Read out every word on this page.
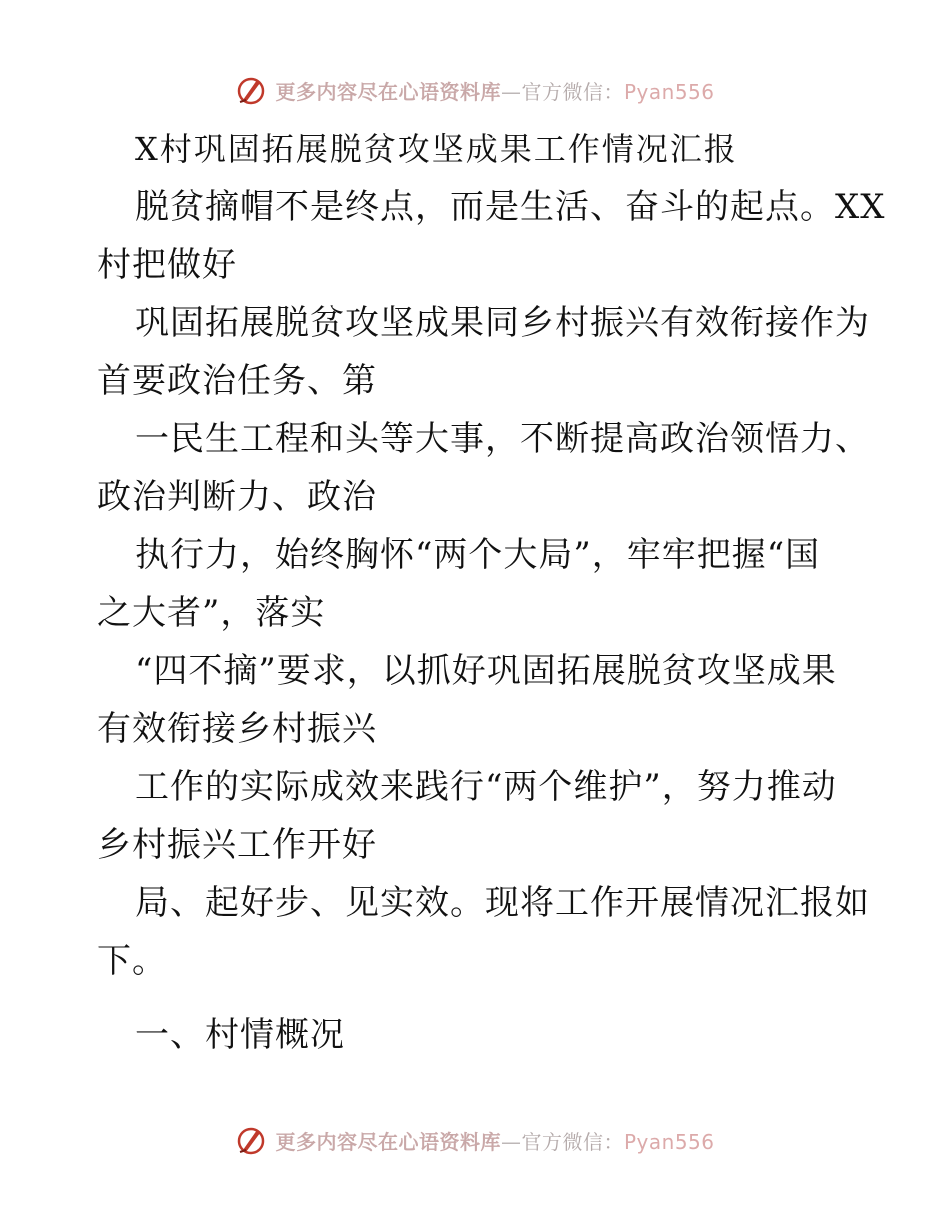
更多内容尽在心语资料库—官方微信：Pyan556
X村巩固拓展脱贫攻坚成果工作情况汇报
脱贫摘帽不是终点，而是生活、奋斗的起点。XX
村把做好
巩固拓展脱贫攻坚成果同乡村振兴有效衔接作为
首要政治任务、第
一民生工程和头等大事，不断提高政治领悟力、
政治判断力、政治
执行力，始终胸怀“两个大局”，牢牢把握“国
之大者”，落实
“四不摘”要求，以抓好巩固拓展脱贫攻坚成果
有效衔接乡村振兴
工作的实际成效来践行“两个维护”，努力推动
乡村振兴工作开好
局、起好步、见实效。现将工作开展情况汇报如
下。
一、村情概况
更多内容尽在心语资料库—官方微信：Pyan556
